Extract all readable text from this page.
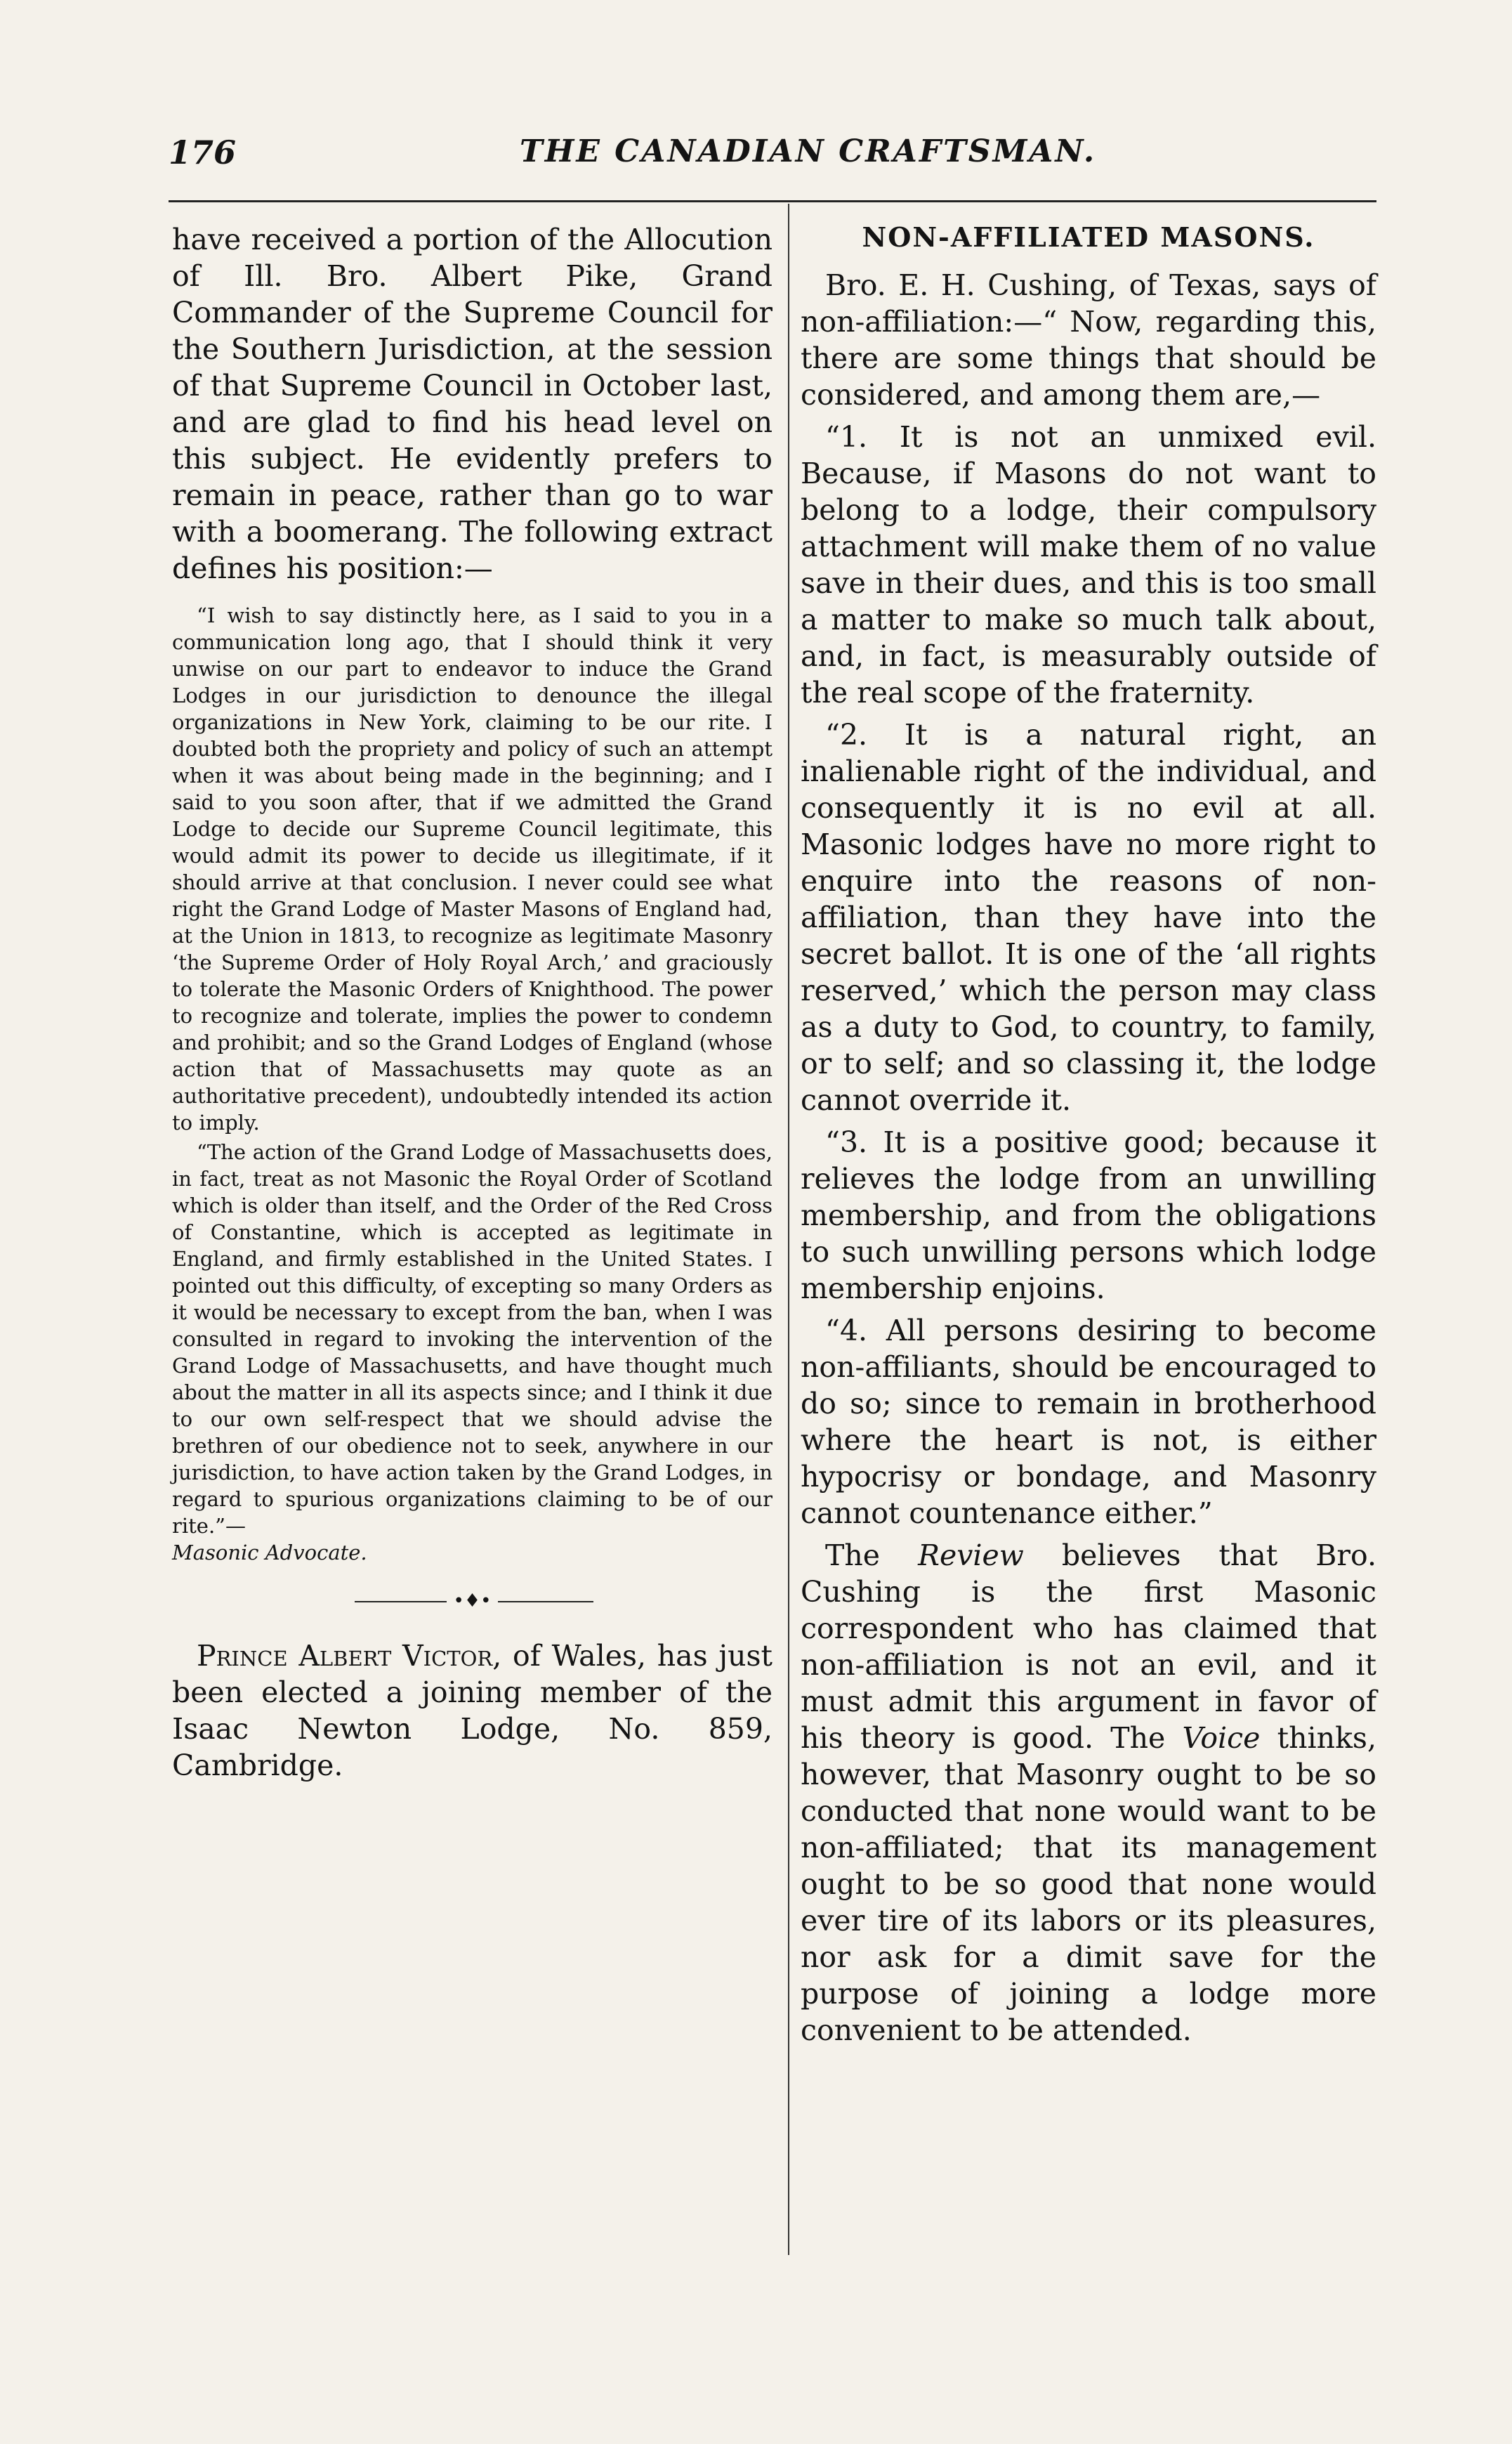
176	THE CANADIAN CRAFTSMAN.

have received a portion of the Allocution of Ill. Bro. Albert Pike, Grand Commander of the Supreme Council for the Southern Jurisdiction, at the session of that Supreme Council in October last, and are glad to find his head level on this subject. He evidently prefers to remain in peace, rather than go to war with a boomerang. The following extract defines his position:—

“I wish to say distinctly here, as I said to you in a communication long ago, that I should think it very unwise on our part to endeavor to induce the Grand Lodges in our jurisdiction to denounce the illegal organizations in New York, claiming to be our rite. I doubted both the propriety and policy of such an attempt when it was about being made in the beginning; and I said to you soon after, that if we admitted the Grand Lodge to decide our Supreme Council legitimate, this would admit its power to decide us illegitimate, if it should arrive at that conclusion. I never could see what right the Grand Lodge of Master Masons of England had, at the Union in 1813, to recognize as legitimate Masonry ‘the Supreme Order of Holy Royal Arch,’ and graciously to tolerate the Masonic Orders of Knighthood. The power to recognize and tolerate, implies the power to condemn and prohibit; and so the Grand Lodges of England (whose action that of Massachusetts may quote as an authoritative precedent), undoubtedly intended its action to imply.

“The action of the Grand Lodge of Massachusetts does, in fact, treat as not Masonic the Royal Order of Scotland which is older than itself, and the Order of the Red Cross of Constantine, which is accepted as legitimate in England, and firmly established in the United States. I pointed out this difficulty, of excepting so many Orders as it would be necessary to except from the ban, when I was consulted in regard to invoking the intervention of the Grand Lodge of Massachusetts, and have thought much about the matter in all its aspects since; and I think it due to our own self-respect that we should advise the brethren of our obedience not to seek, anywhere in our jurisdiction, to have action taken by the Grand Lodges, in regard to spurious organizations claiming to be of our rite.”—
Masonic Advocate.

•♦•

Prince Albert Victor, of Wales, has just been elected a joining member of the Isaac Newton Lodge, No. 859, Cambridge.

NON-AFFILIATED MASONS.

Bro. E. H. Cushing, of Texas, says of non-affiliation:—“ Now, regarding this, there are some things that should be considered, and among them are,—

“1. It is not an unmixed evil. Because, if Masons do not want to belong to a lodge, their compulsory attachment will make them of no value save in their dues, and this is too small a matter to make so much talk about, and, in fact, is measurably outside of the real scope of the fraternity.

“2. It is a natural right, an inalienable right of the individual, and consequently it is no evil at all. Masonic lodges have no more right to enquire into the reasons of non-affiliation, than they have into the secret ballot. It is one of the ‘all rights reserved,’ which the person may class as a duty to God, to country, to family, or to self; and so classing it, the lodge cannot override it.

“3. It is a positive good; because it relieves the lodge from an unwilling membership, and from the obligations to such unwilling persons which lodge membership enjoins.

“4. All persons desiring to become non-affiliants, should be encouraged to do so; since to remain in brotherhood where the heart is not, is either hypocrisy or bondage, and Masonry cannot countenance either.”

The Review believes that Bro. Cushing is the first Masonic correspondent who has claimed that non-affiliation is not an evil, and it must admit this argument in favor of his theory is good. The Voice thinks, however, that Masonry ought to be so conducted that none would want to be non-affiliated; that its management ought to be so good that none would ever tire of its labors or its pleasures, nor ask for a dimit save for the purpose of joining a lodge more convenient to be attended.
